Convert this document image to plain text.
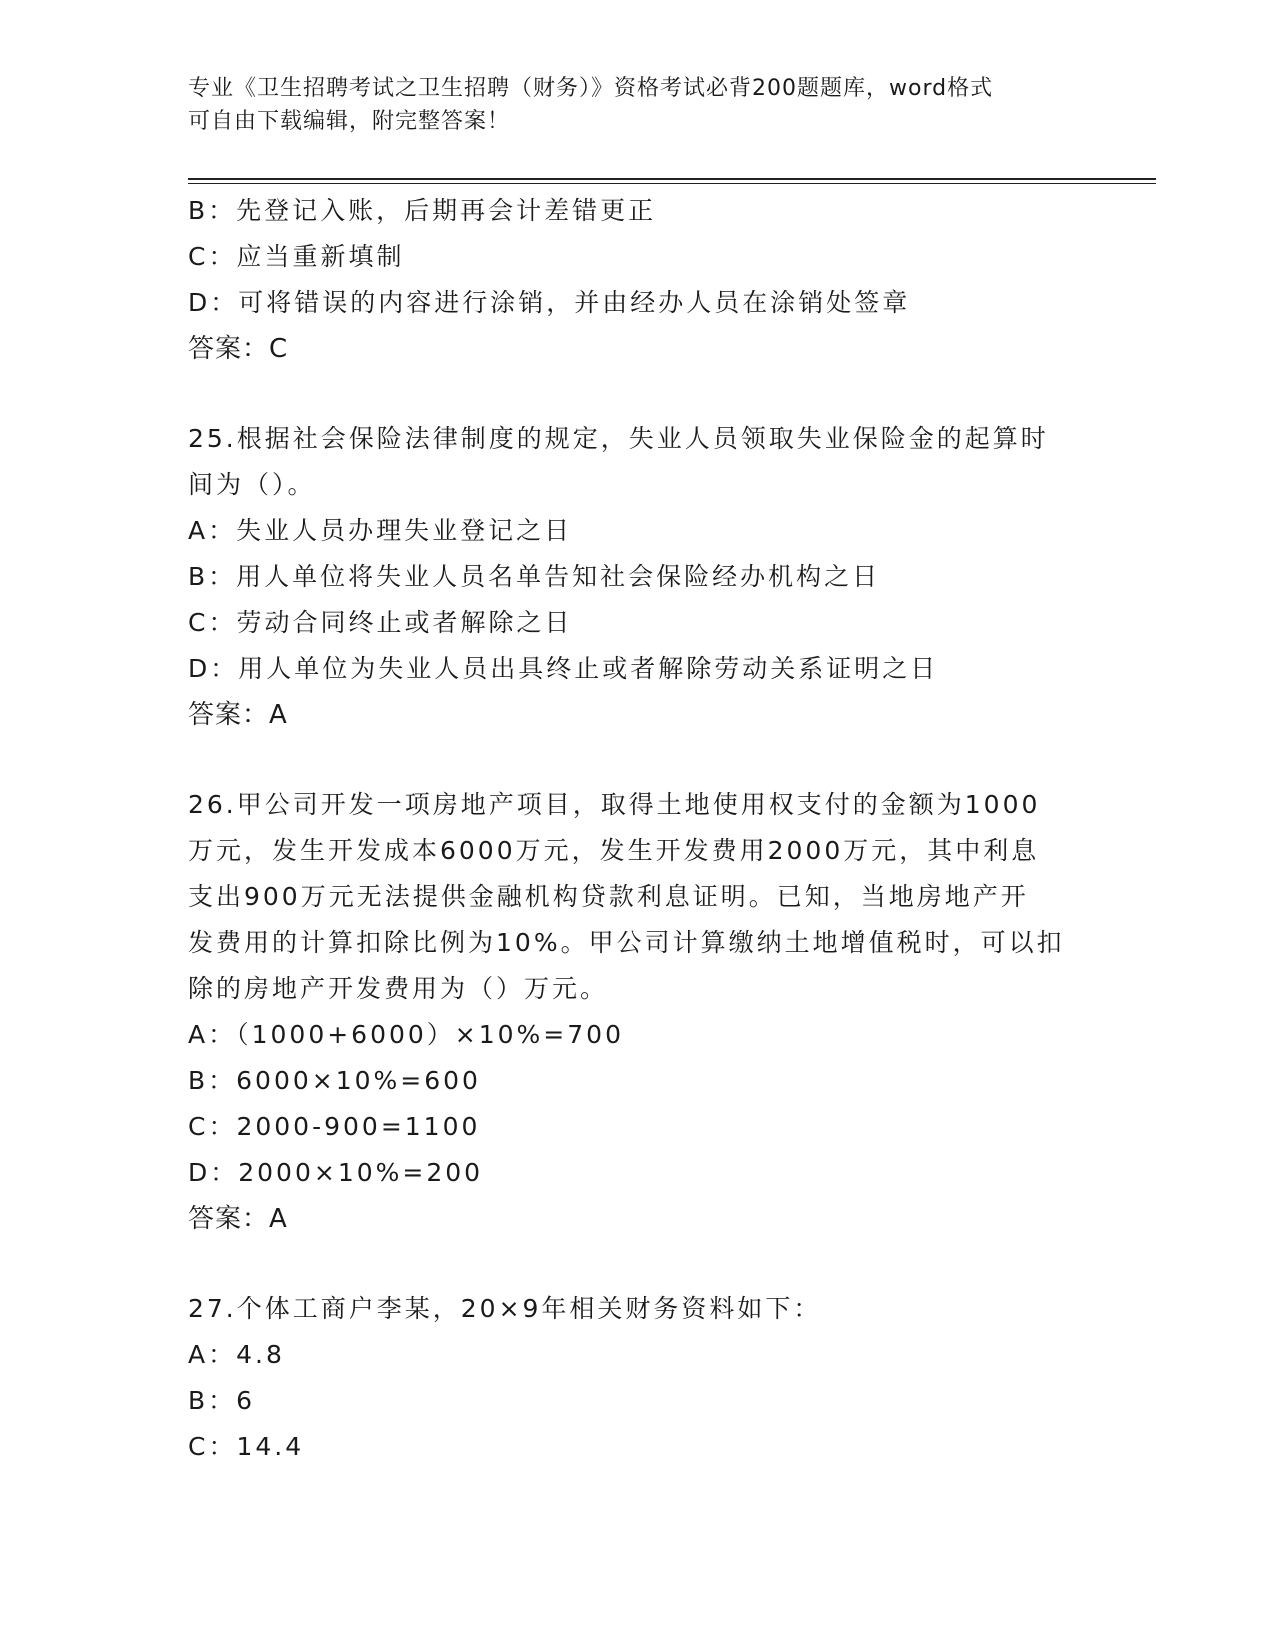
专业《卫生招聘考试之卫生招聘（财务）》资格考试必背200题题库，word格式
可自由下载编辑，附完整答案！
B：先登记入账，后期再会计差错更正
C：应当重新填制
D：可将错误的内容进行涂销，并由经办人员在涂销处签章
答案：C
25.根据社会保险法律制度的规定，失业人员领取失业保险金的起算时
间为（）。
A：失业人员办理失业登记之日
B：用人单位将失业人员名单告知社会保险经办机构之日
C：劳动合同终止或者解除之日
D：用人单位为失业人员出具终止或者解除劳动关系证明之日
答案：A
26.甲公司开发一项房地产项目，取得土地使用权支付的金额为1000
万元，发生开发成本6000万元，发生开发费用2000万元，其中利息
支出900万元无法提供金融机构贷款利息证明。已知，当地房地产开
发费用的计算扣除比例为10%。甲公司计算缴纳土地增值税时，可以扣
除的房地产开发费用为（）万元。
A：（1000+6000）×10%=700
B：6000×10%=600
C：2000-900=1100
D：2000×10%=200
答案：A
27.个体工商户李某，20×9年相关财务资料如下：
A：4.8
B：6
C：14.4
